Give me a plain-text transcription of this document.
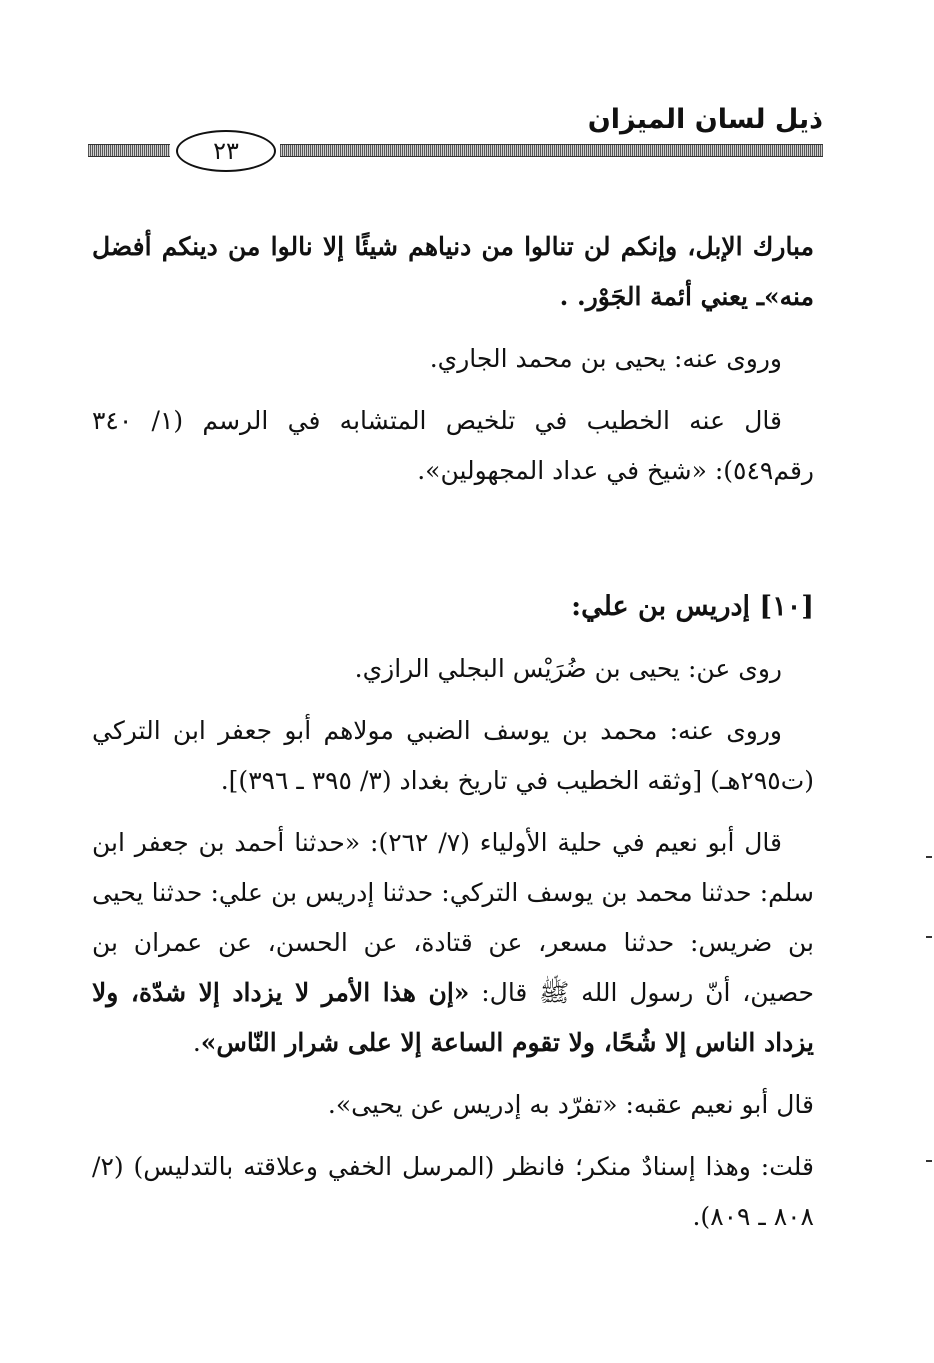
٢٣
ذيل لسان الميزان

مبارك الإبل، وإنكم لن تنالوا من دنياهم شيئًا إلا نالوا من دينكم أفضل منه»ـ يعني أئمة الجَوْر. .

وروى عنه: يحيى بن محمد الجاري.

قال عنه الخطيب في تلخيص المتشابه في الرسم (١/ ٣٤٠ رقم٥٤٩): «شيخ في عداد المجهولين».

[١٠] إدريس بن علي:

روى عن: يحيى بن ضُرَيْس البجلي الرازي.

وروى عنه: محمد بن يوسف الضبي مولاهم أبو جعفر ابن التركي (ت٢٩٥هـ) [وثقه الخطيب في تاريخ بغداد (٣/ ٣٩٥ ـ ٣٩٦)].

قال أبو نعيم في حلية الأولياء (٧/ ٢٦٢): «حدثنا أحمد بن جعفر ابن سلم: حدثنا محمد بن يوسف التركي: حدثنا إدريس بن علي: حدثنا يحيى بن ضريس: حدثنا مسعر، عن قتادة، عن الحسن، عن عمران بن حصين، أنّ رسول الله ﷺ قال: «إن هذا الأمر لا يزداد إلا شدّة، ولا يزداد الناس إلا شُحًا، ولا تقوم الساعة إلا على شرار النّاس».

قال أبو نعيم عقبه: «تفرّد به إدريس عن يحيى».

قلت: وهذا إسنادٌ منكر؛ فانظر (المرسل الخفي وعلاقته بالتدليس) (٢/ ٨٠٨ ـ ٨٠٩).
